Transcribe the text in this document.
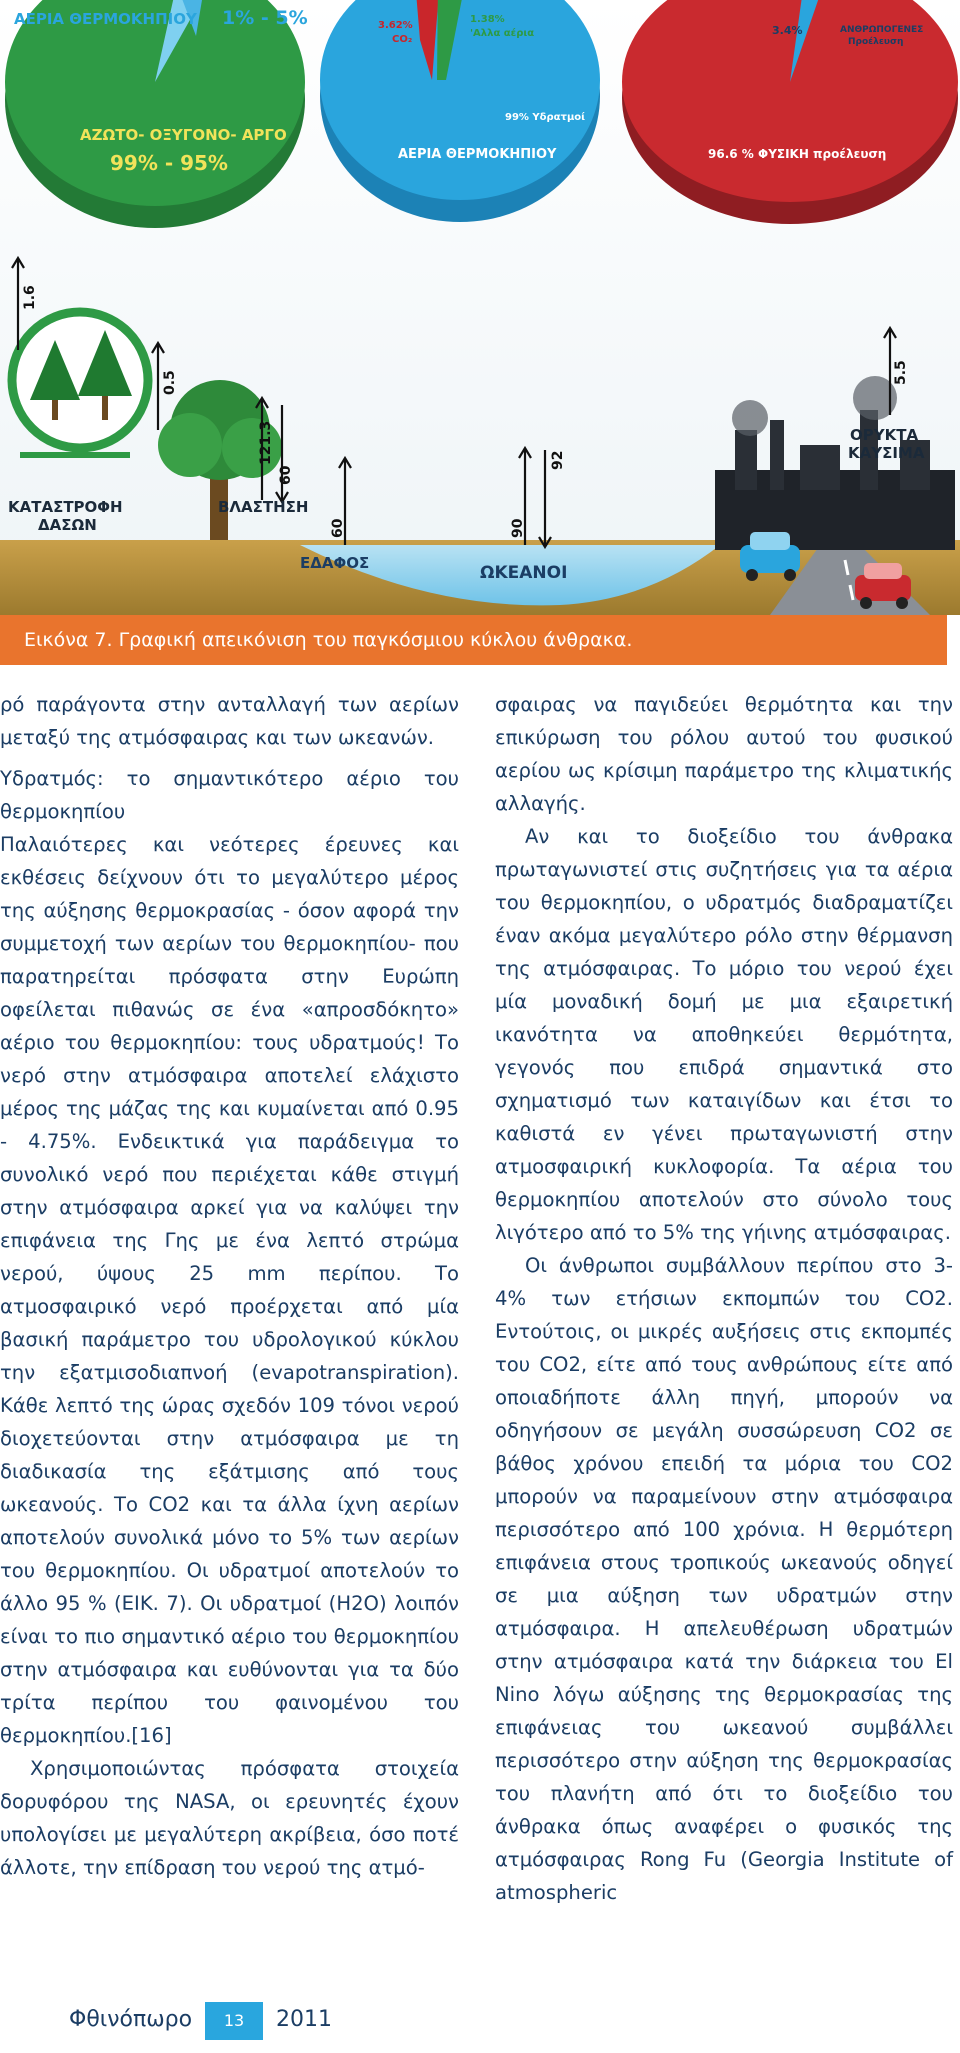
ΑΕΡΙΑ ΘΕΡΜΟΚΗΠΙΟΥ 1% - 5%
ΑΖΩΤΟ- ΟΞΥΓΟΝΟ- ΑΡΓΟ
99% - 95%
3.62%
CO₂
1.38%
'Αλλα αέρια
99% Υδρατμοί
ΑΕΡΙΑ ΘΕΡΜΟΚΗΠΙΟΥ
3.4%	ΑΝΘΡΩΠΟΓΕΝΕΣ
Προέλευση
96.6 % ΦΥΣΙΚΗ προέλευση
1.6
0.5
121.3
60
60	90
92
5.5
ΚΑΤΑΣΤΡΟΦΗ
ΔΑΣΩΝ
ΒΛΑΣΤΗΣΗ
ΕΔΑΦΟΣ	ΩΚΕΑΝΟΙ
ΟΡΥΚΤΑ
ΚΑΥΣΙΜΑ
Εικόνα 7. Γραφική απεικόνιση του παγκόσμιου κύκλου άνθρακα.

ρό παράγοντα στην ανταλλαγή των αερίων μεταξύ της ατμόσφαιρας και των ωκεανών.

Υδρατμός: το σημαντικότερο αέριο του θερμοκηπίου

Παλαιότερες και νεότερες έρευνες και εκθέσεις δείχνουν ότι το μεγαλύτερο μέρος της αύξησης θερμοκρασίας - όσον αφορά την συμμετοχή των αερίων του θερμοκηπίου- που παρατηρείται πρόσφατα στην Ευρώπη οφείλεται πιθανώς σε ένα «απροσδόκητο» αέριο του θερμοκηπίου: τους υδρατμούς! Το νερό στην ατμόσφαιρα αποτελεί ελάχιστο μέρος της μάζας της και κυμαίνεται από 0.95 - 4.75%. Ενδεικτικά για παράδειγμα το συνολικό νερό που περιέχεται κάθε στιγμή στην ατμόσφαιρα αρκεί για να καλύψει την επιφάνεια της Γης με ένα λεπτό στρώμα νερού, ύψους 25 mm περίπου. Το ατμοσφαιρικό νερό προέρχεται από μία βασική παράμετρο του υδρολογικού κύκλου την εξατμισοδιαπνοή (evapotranspiration). Κάθε λεπτό της ώρας σχεδόν 109 τόνοι νερού διοχετεύονται στην ατμόσφαιρα με τη διαδικασία της εξάτμισης από τους ωκεανούς. Το CO2 και τα άλλα ίχνη αερίων αποτελούν συνολικά μόνο το 5% των αερίων του θερμοκηπίου. Οι υδρατμοί αποτελούν το άλλο 95 % (ΕΙΚ. 7). Οι υδρατμοί (Η2Ο) λοιπόν είναι το πιο σημαντικό αέριο του θερμοκηπίου στην ατμόσφαιρα και ευθύνονται για τα δύο τρίτα περίπου του φαινομένου του θερμοκηπίου.[16]

Χρησιμοποιώντας πρόσφατα στοιχεία δορυφόρου της NASA, οι ερευνητές έχουν υπολογίσει με μεγαλύτερη ακρίβεια, όσο ποτέ άλλοτε, την επίδραση του νερού της ατμό-

σφαιρας να παγιδεύει θερμότητα και την επικύρωση του ρόλου αυτού του φυσικού αερίου ως κρίσιμη παράμετρο της κλιματικής αλλαγής.

Αν και το διοξείδιο του άνθρακα πρωταγωνιστεί στις συζητήσεις για τα αέρια του θερμοκηπίου, ο υδρατμός διαδραματίζει έναν ακόμα μεγαλύτερο ρόλο στην θέρμανση της ατμόσφαιρας. Το μόριο του νερού έχει μία μοναδική δομή με μια εξαιρετική ικανότητα να αποθηκεύει θερμότητα, γεγονός που επιδρά σημαντικά στο σχηματισμό των καταιγίδων και έτσι το καθιστά εν γένει πρωταγωνιστή στην ατμοσφαιρική κυκλοφορία. Τα αέρια του θερμοκηπίου αποτελούν στο σύνολο τους λιγότερο από το 5% της γήινης ατμόσφαιρας.

Οι άνθρωποι συμβάλλουν περίπου στο 3-4% των ετήσιων εκπομπών του CO2. Εντούτοις, οι μικρές αυξήσεις στις εκπομπές του CO2, είτε από τους ανθρώπους είτε από οποιαδήποτε άλλη πηγή, μπορούν να οδηγήσουν σε μεγάλη συσσώρευση CO2 σε βάθος χρόνου επειδή τα μόρια του CO2 μπορούν να παραμείνουν στην ατμόσφαιρα περισσότερο από 100 χρόνια. Η θερμότερη επιφάνεια στους τροπικούς ωκεανούς οδηγεί σε μια αύξηση των υδρατμών στην ατμόσφαιρα. Η απελευθέρωση υδρατμών στην ατμόσφαιρα κατά την διάρκεια του El Nino λόγω αύξησης της θερμοκρασίας της επιφάνειας του ωκεανού συμβάλλει περισσότερο στην αύξηση της θερμοκρασίας του πλανήτη από ότι το διοξείδιο του άνθρακα όπως αναφέρει ο φυσικός της ατμόσφαιρας Rong Fu (Georgia Institute of atmospheric

Φθινόπωρο	13	2011
